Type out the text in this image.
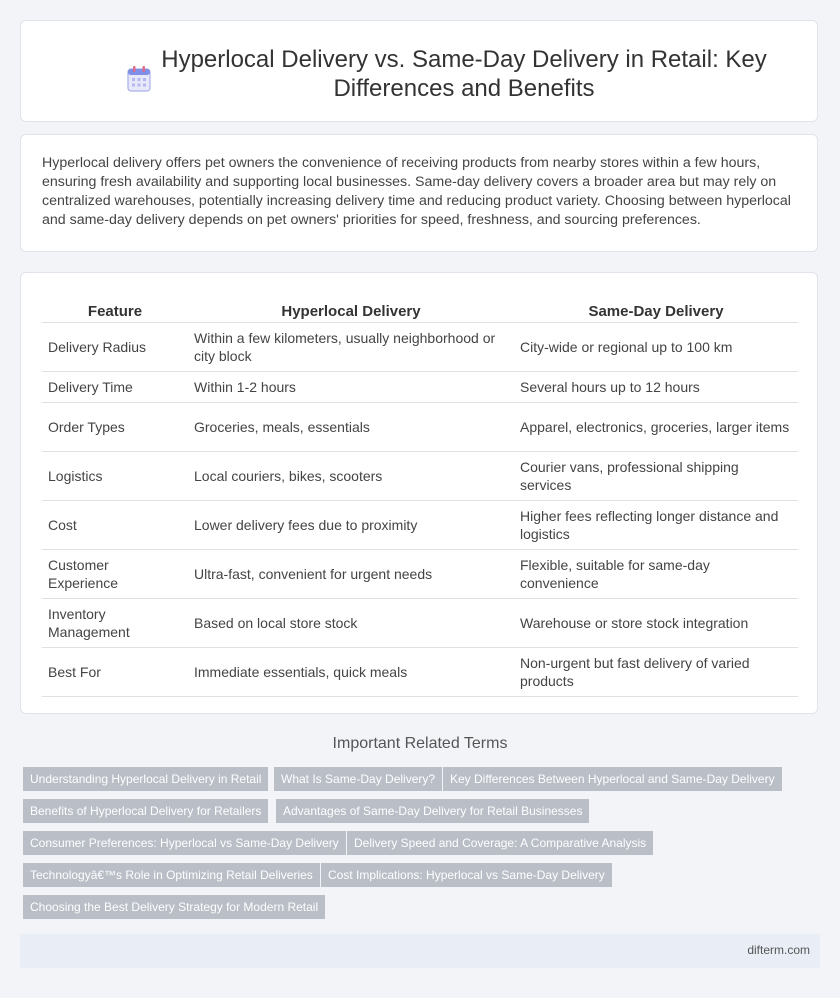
Hyperlocal Delivery vs. Same-Day Delivery in Retail: Key Differences and Benefits

Hyperlocal delivery offers pet owners the convenience of receiving products from nearby stores within a few hours, ensuring fresh availability and supporting local businesses. Same-day delivery covers a broader area but may rely on centralized warehouses, potentially increasing delivery time and reducing product variety. Choosing between hyperlocal and same-day delivery depends on pet owners' priorities for speed, freshness, and sourcing preferences.

Feature	Hyperlocal Delivery	Same-Day Delivery
Delivery Radius	Within a few kilometers, usually neighborhood or city block	City-wide or regional up to 100 km
Delivery Time	Within 1-2 hours	Several hours up to 12 hours
Order Types	Groceries, meals, essentials	Apparel, electronics, groceries, larger items
Logistics	Local couriers, bikes, scooters	Courier vans, professional shipping services
Cost	Lower delivery fees due to proximity	Higher fees reflecting longer distance and logistics
Customer Experience	Ultra-fast, convenient for urgent needs	Flexible, suitable for same-day convenience
Inventory Management	Based on local store stock	Warehouse or store stock integration
Best For	Immediate essentials, quick meals	Non-urgent but fast delivery of varied products
Important Related Terms
Understanding Hyperlocal Delivery in Retail	What Is Same-Day Delivery?	Key Differences Between Hyperlocal and Same-Day Delivery
Benefits of Hyperlocal Delivery for Retailers	Advantages of Same-Day Delivery for Retail Businesses
Consumer Preferences: Hyperlocal vs Same-Day Delivery	Delivery Speed and Coverage: A Comparative Analysis
Technologyâ€™s Role in Optimizing Retail Deliveries	Cost Implications: Hyperlocal vs Same-Day Delivery
Choosing the Best Delivery Strategy for Modern Retail
difterm.com
